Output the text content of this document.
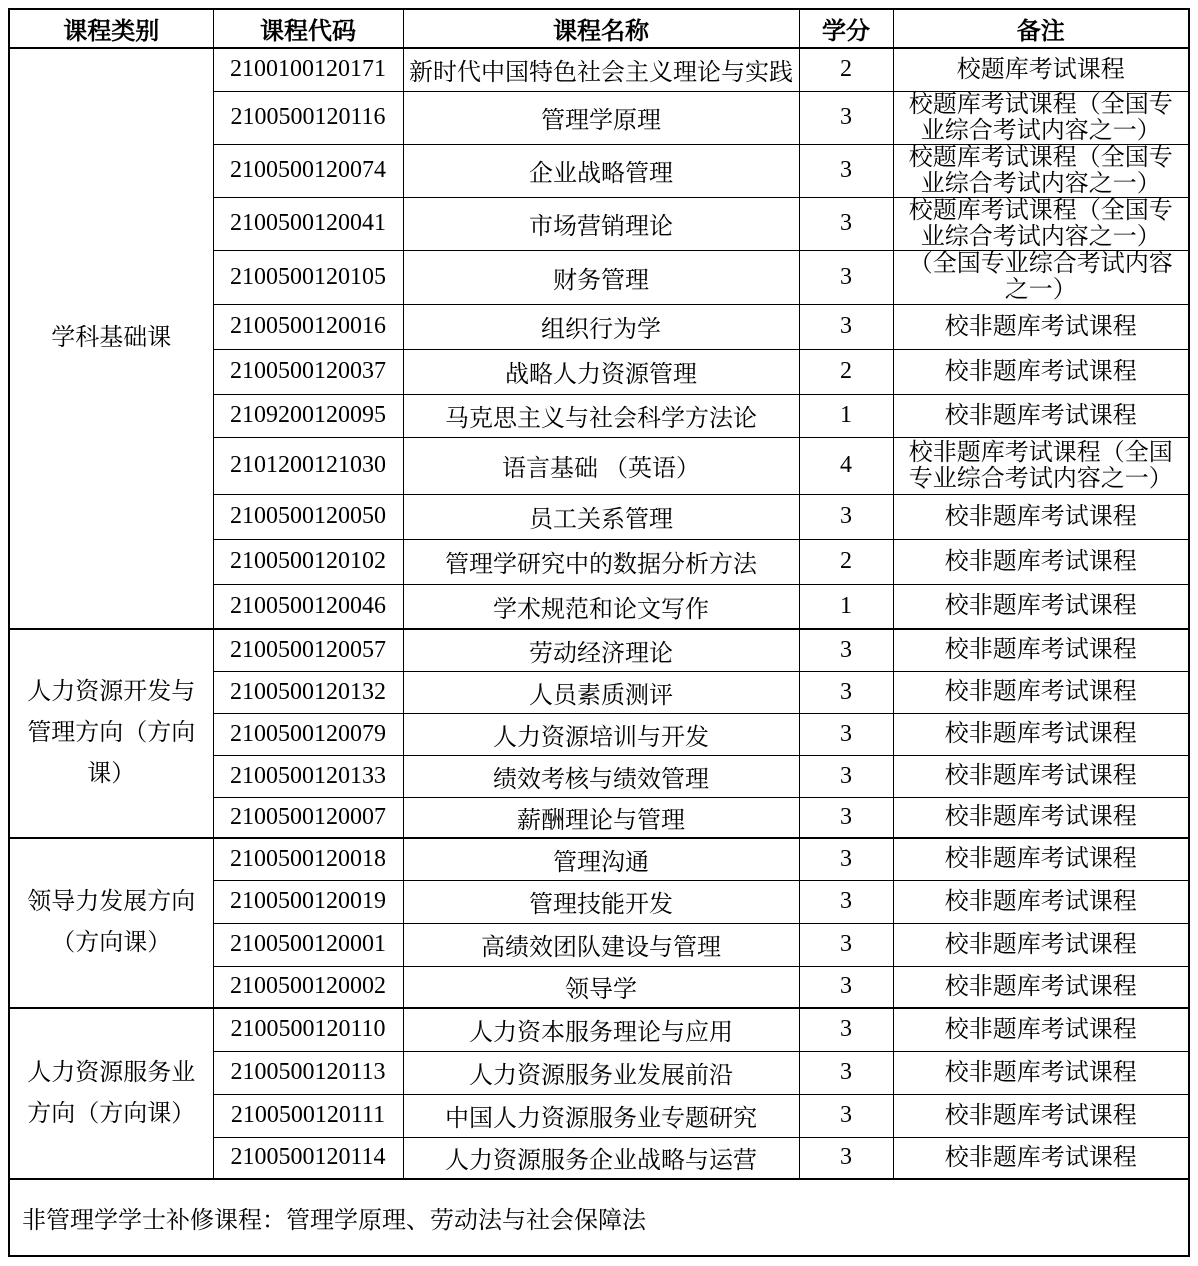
课程类别	课程代码	课程名称	学分	备注

学科基础课	2100100120171	新时代中国特色社会主义理论与实践	2	校题库考试课程
	2100500120116	管理学原理	3	校题库考试课程（全国专业综合考试内容之一）
	2100500120074	企业战略管理	3	校题库考试课程（全国专业综合考试内容之一）
	2100500120041	市场营销理论	3	校题库考试课程（全国专业综合考试内容之一）
	2100500120105	财务管理	3	（全国专业综合考试内容之一）
	2100500120016	组织行为学	3	校非题库考试课程
	2100500120037	战略人力资源管理	2	校非题库考试课程
	2109200120095	马克思主义与社会科学方法论	1	校非题库考试课程
	2101200121030	语言基础 （英语）	4	校非题库考试课程（全国专业综合考试内容之一）
	2100500120050	员工关系管理	3	校非题库考试课程
	2100500120102	管理学研究中的数据分析方法	2	校非题库考试课程
	2100500120046	学术规范和论文写作	1	校非题库考试课程

人力资源开发与
管理方向（方向
课）	2100500120057	劳动经济理论	3	校非题库考试课程
	2100500120132	人员素质测评	3	校非题库考试课程
	2100500120079	人力资源培训与开发	3	校非题库考试课程
	2100500120133	绩效考核与绩效管理	3	校非题库考试课程
	2100500120007	薪酬理论与管理	3	校非题库考试课程

领导力发展方向
（方向课）	2100500120018	管理沟通	3	校非题库考试课程
	2100500120019	管理技能开发	3	校非题库考试课程
	2100500120001	高绩效团队建设与管理	3	校非题库考试课程
	2100500120002	领导学	3	校非题库考试课程

人力资源服务业
方向（方向课）	2100500120110	人力资本服务理论与应用	3	校非题库考试课程
	2100500120113	人力资源服务业发展前沿	3	校非题库考试课程
	2100500120111	中国人力资源服务业专题研究	3	校非题库考试课程
	2100500120114	人力资源服务企业战略与运营	3	校非题库考试课程
非管理学学士补修课程：管理学原理、劳动法与社会保障法				
